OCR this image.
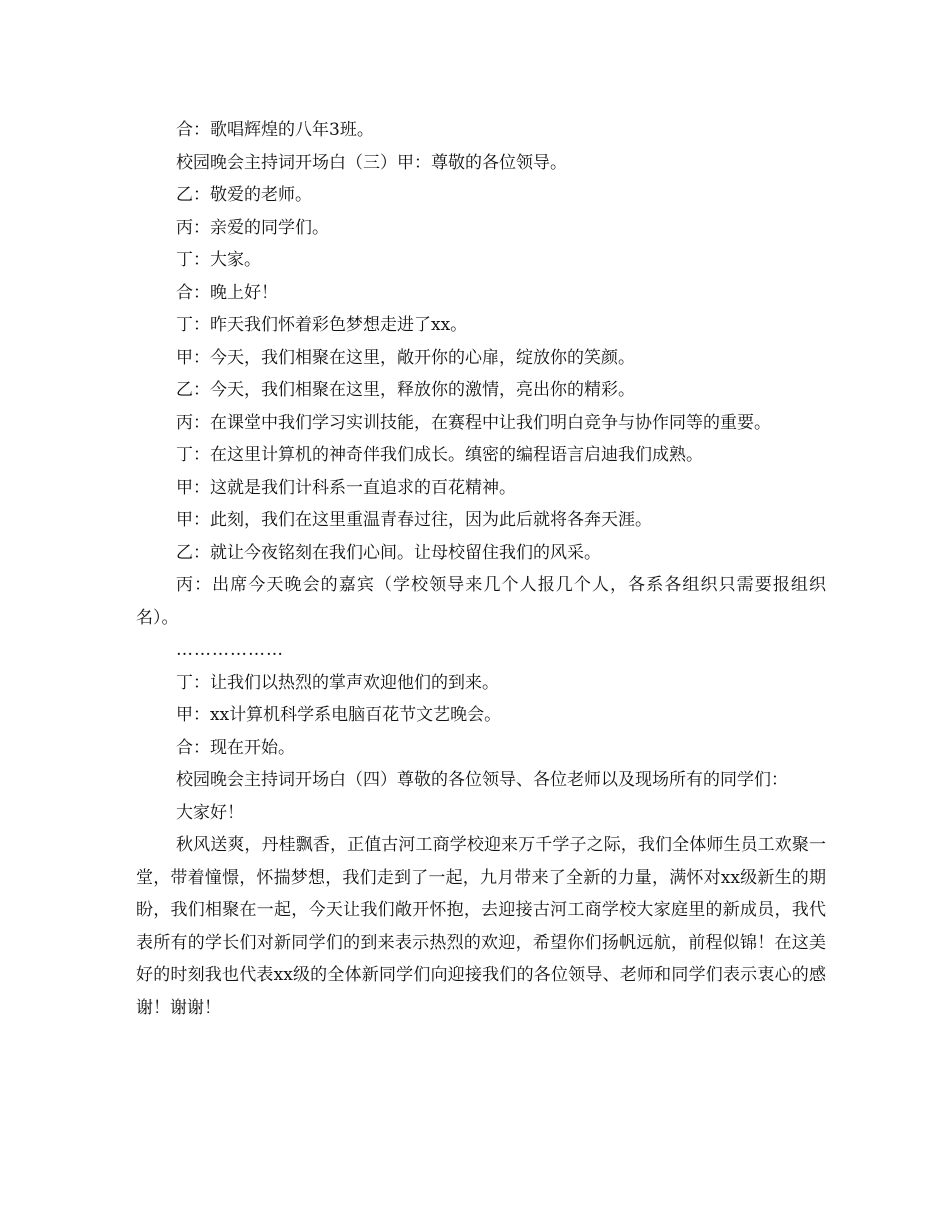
合：歌唱辉煌的八年3班。

校园晚会主持词开场白（三）甲：尊敬的各位领导。

乙：敬爱的老师。

丙：亲爱的同学们。

丁：大家。

合：晚上好！

丁：昨天我们怀着彩色梦想走进了xx。

甲：今天，我们相聚在这里，敞开你的心扉，绽放你的笑颜。

乙：今天，我们相聚在这里，释放你的激情，亮出你的精彩。

丙：在课堂中我们学习实训技能，在赛程中让我们明白竞争与协作同等的重要。

丁：在这里计算机的神奇伴我们成长。缜密的编程语言启迪我们成熟。

甲：这就是我们计科系一直追求的百花精神。

甲：此刻，我们在这里重温青春过往，因为此后就将各奔天涯。

乙：就让今夜铭刻在我们心间。让母校留住我们的风采。

丙：出席今天晚会的嘉宾（学校领导来几个人报几个人，各系各组织只需要报组织名）。

………………

丁：让我们以热烈的掌声欢迎他们的到来。

甲：xx计算机科学系电脑百花节文艺晚会。

合：现在开始。

校园晚会主持词开场白（四）尊敬的各位领导、各位老师以及现场所有的同学们：

大家好！

秋风送爽，丹桂飘香，正值古河工商学校迎来万千学子之际，我们全体师生员工欢聚一堂，带着憧憬，怀揣梦想，我们走到了一起，九月带来了全新的力量，满怀对xx级新生的期盼，我们相聚在一起，今天让我们敞开怀抱，去迎接古河工商学校大家庭里的新成员，我代表所有的学长们对新同学们的到来表示热烈的欢迎，希望你们扬帆远航，前程似锦！在这美好的时刻我也代表xx级的全体新同学们向迎接我们的各位领导、老师和同学们表示衷心的感谢！谢谢！
